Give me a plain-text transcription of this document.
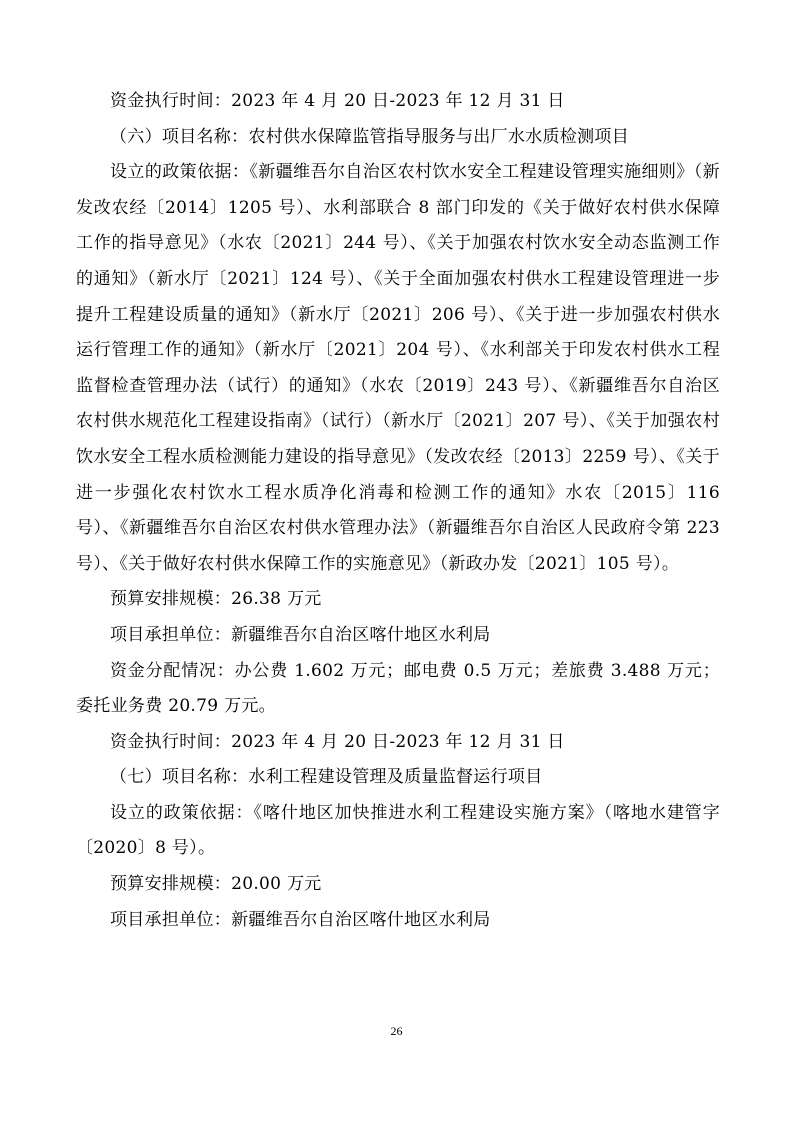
资金执行时间：2023 年 4 月 20 日-2023 年 12 月 31 日

（六）项目名称：农村供水保障监管指导服务与出厂水水质检测项目

设立的政策依据：《新疆维吾尔自治区农村饮水安全工程建设管理实施细则》（新发改农经〔2014〕1205 号）、水利部联合 8 部门印发的《关于做好农村供水保障工作的指导意见》（水农〔2021〕244 号）、《关于加强农村饮水安全动态监测工作的通知》（新水厅〔2021〕124 号）、《关于全面加强农村供水工程建设管理进一步提升工程建设质量的通知》（新水厅〔2021〕206 号）、《关于进一步加强农村供水运行管理工作的通知》（新水厅〔2021〕204 号）、《水利部关于印发农村供水工程监督检查管理办法（试行）的通知》（水农〔2019〕243 号）、《新疆维吾尔自治区农村供水规范化工程建设指南》（试行）（新水厅〔2021〕207 号）、《关于加强农村饮水安全工程水质检测能力建设的指导意见》（发改农经〔2013〕2259 号）、《关于进一步强化农村饮水工程水质净化消毒和检测工作的通知》水农〔2015〕116 号）、《新疆维吾尔自治区农村供水管理办法》（新疆维吾尔自治区人民政府令第 223 号）、《关于做好农村供水保障工作的实施意见》（新政办发〔2021〕105 号）。

预算安排规模：26.38 万元

项目承担单位：新疆维吾尔自治区喀什地区水利局

资金分配情况：办公费 1.602 万元；邮电费 0.5 万元；差旅费 3.488 万元；委托业务费 20.79 万元。

资金执行时间：2023 年 4 月 20 日-2023 年 12 月 31 日

（七）项目名称：水利工程建设管理及质量监督运行项目

设立的政策依据：《喀什地区加快推进水利工程建设实施方案》（喀地水建管字〔2020〕8 号）。

预算安排规模：20.00 万元

项目承担单位：新疆维吾尔自治区喀什地区水利局

26
